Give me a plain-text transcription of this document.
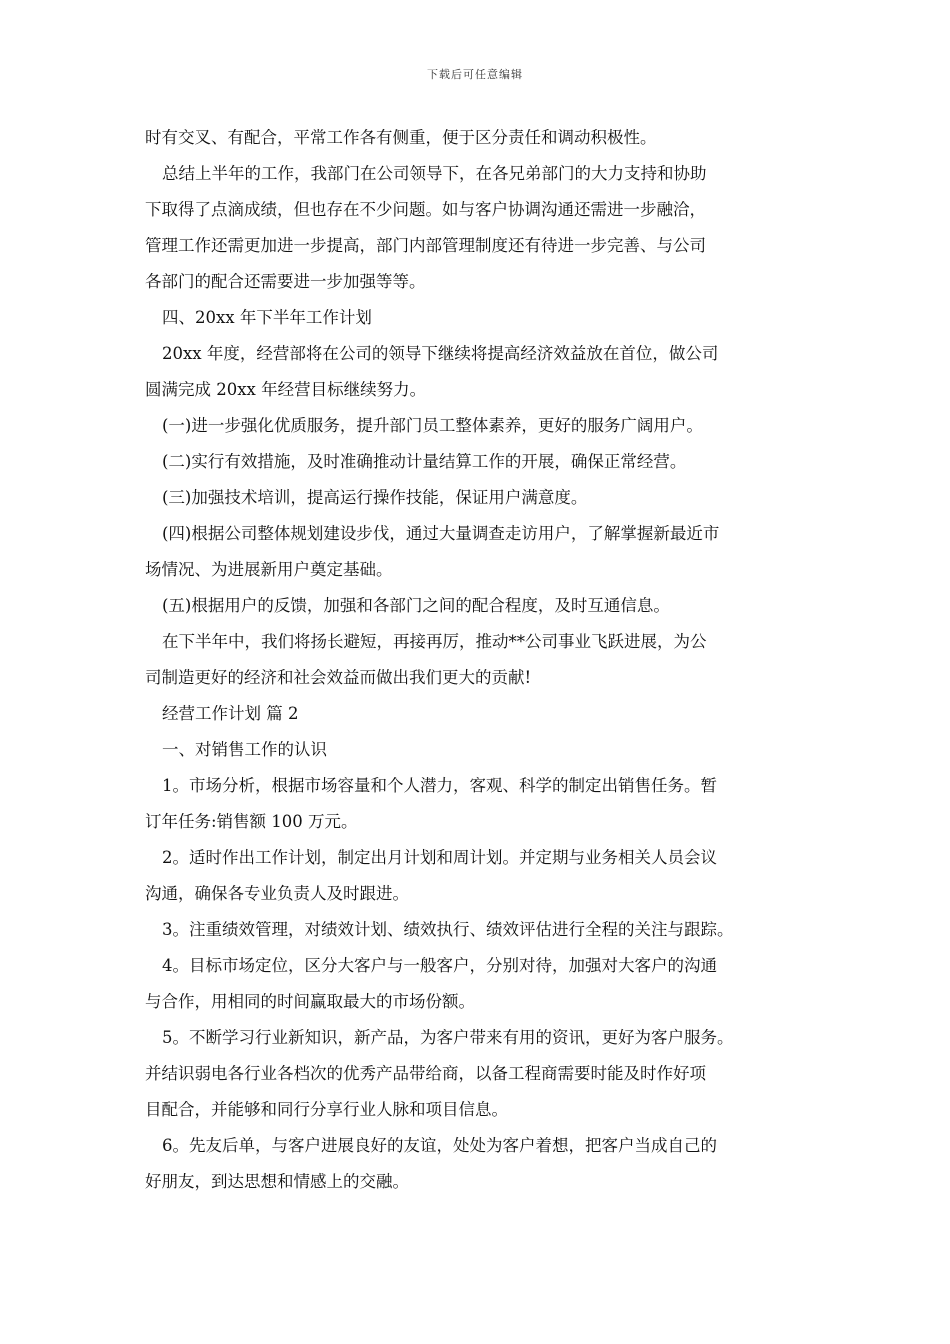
下载后可任意编辑

时有交叉、有配合，平常工作各有侧重，便于区分责任和调动积极性。

总结上半年的工作，我部门在公司领导下，在各兄弟部门的大力支持和协助

下取得了点滴成绩，但也存在不少问题。如与客户协调沟通还需进一步融洽，

管理工作还需更加进一步提高，部门内部管理制度还有待进一步完善、与公司

各部门的配合还需要进一步加强等等。

四、20xx 年下半年工作计划

20xx 年度，经营部将在公司的领导下继续将提高经济效益放在首位，做公司

圆满完成 20xx 年经营目标继续努力。

(一)进一步强化优质服务，提升部门员工整体素养，更好的服务广阔用户。

(二)实行有效措施，及时准确推动计量结算工作的开展，确保正常经营。

(三)加强技术培训，提高运行操作技能，保证用户满意度。

(四)根据公司整体规划建设步伐，通过大量调查走访用户，了解掌握新最近市

场情况、为进展新用户奠定基础。

(五)根据用户的反馈，加强和各部门之间的配合程度，及时互通信息。

在下半年中，我们将扬长避短，再接再厉，推动**公司事业飞跃进展，为公

司制造更好的经济和社会效益而做出我们更大的贡献!

经营工作计划 篇 2

一、对销售工作的认识

1。市场分析，根据市场容量和个人潜力，客观、科学的制定出销售任务。暂

订年任务:销售额 100 万元。

2。适时作出工作计划，制定出月计划和周计划。并定期与业务相关人员会议

沟通，确保各专业负责人及时跟进。

3。注重绩效管理，对绩效计划、绩效执行、绩效评估进行全程的关注与跟踪。

4。目标市场定位，区分大客户与一般客户，分别对待，加强对大客户的沟通

与合作，用相同的时间赢取最大的市场份额。

5。不断学习行业新知识，新产品，为客户带来有用的资讯，更好为客户服务。

并结识弱电各行业各档次的优秀产品带给商，以备工程商需要时能及时作好项

目配合，并能够和同行分享行业人脉和项目信息。

6。先友后单，与客户进展良好的友谊，处处为客户着想，把客户当成自己的

好朋友，到达思想和情感上的交融。
